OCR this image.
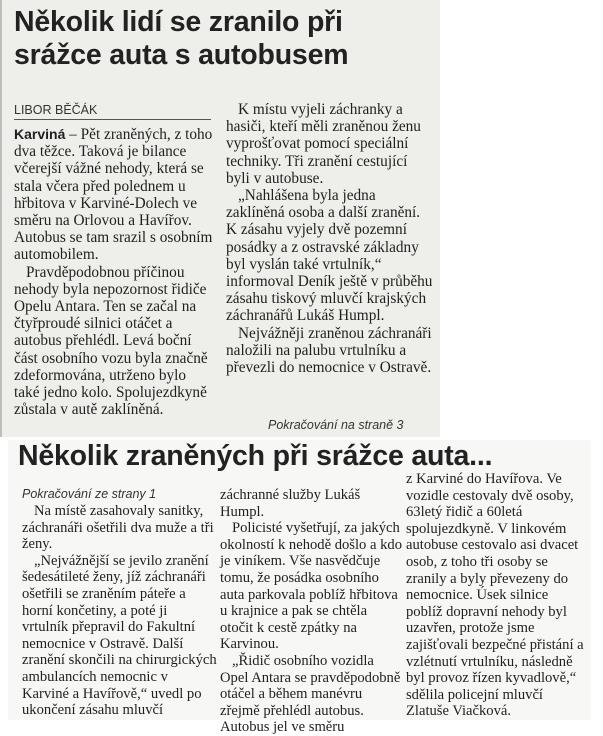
Několik lidí se zranilo při srážce auta s autobusem
LIBOR BĚČÁK

Karviná – Pět zraněných, z toho dva těžce. Taková je bilance včerejší vážné nehody, která se stala včera před polednem u hřbitova v Karviné-Dolech ve směru na Orlovou a Havířov. Autobus se tam srazil s osobním automobilem.

Pravděpodobnou příčinou nehody byla nepozornost řidiče Opelu Antara. Ten se začal na čtyřproudé silnici otáčet a autobus přehlédl. Levá boční část osobního vozu byla značně zdeformována, utrženo bylo také jedno kolo. Spolujezdkyně zůstala v autě zaklíněná.

K místu vyjeli záchranky a hasiči, kteří měli zraněnou ženu vyprošťovat pomocí speciální techniky. Tři zranění cestující byli v autobuse.

„Nahlášena byla jedna zaklíněná osoba a další zranění. K zásahu vyjely dvě pozemní posádky a z ostravské základny byl vyslán také vrtulník,“ informoval Deník ještě v průběhu zásahu tiskový mluvčí krajských záchranářů Lukáš Humpl.

Nejvážněji zraněnou záchranáři naložili na palubu vrtulníku a převezli do nemocnice v Ostravě.

Pokračování na straně 3
Několik zraněných při srážce auta...
Pokračování ze strany 1

Na místě zasahovaly sanitky, záchranáři ošetřili dva muže a tři ženy.

„Nejvážnější se jevilo zranění šedesátileté ženy, jíž záchranáři ošetřili se zraněním páteře a horní končetiny, a poté ji vrtulník přepravil do Fakultní nemocnice v Ostravě. Další zranění skončili na chirurgických ambulancích nemocnic v Karviné a Havířově,“ uvedl po ukončení zásahu mluvčí

záchranné služby Lukáš Humpl.

Policisté vyšetřují, za jakých okolností k nehodě došlo a kdo je viníkem. Vše nasvědčuje tomu, že posádka osobního auta parkovala poblíž hřbitova u krajnice a pak se chtěla otočit k cestě zpátky na Karvinou.

„Řidič osobního vozidla Opel Antara se pravděpodobně otáčel a během manévru zřejmě přehlédl autobus. Autobus jel ve směru

z Karviné do Havířova. Ve vozidle cestovaly dvě osoby, 63letý řidič a 60letá spolujezdkyně. V linkovém autobuse cestovalo asi dvacet osob, z toho tři osoby se zranily a byly převezeny do nemocnice. Úsek silnice poblíž dopravní nehody byl uzavřen, protože jsme zajišťovali bezpečné přistání a vzlétnutí vrtulníku, následně byl provoz řízen kyvadlově,“ sdělila policejní mluvčí Zlatuše Viačková.
